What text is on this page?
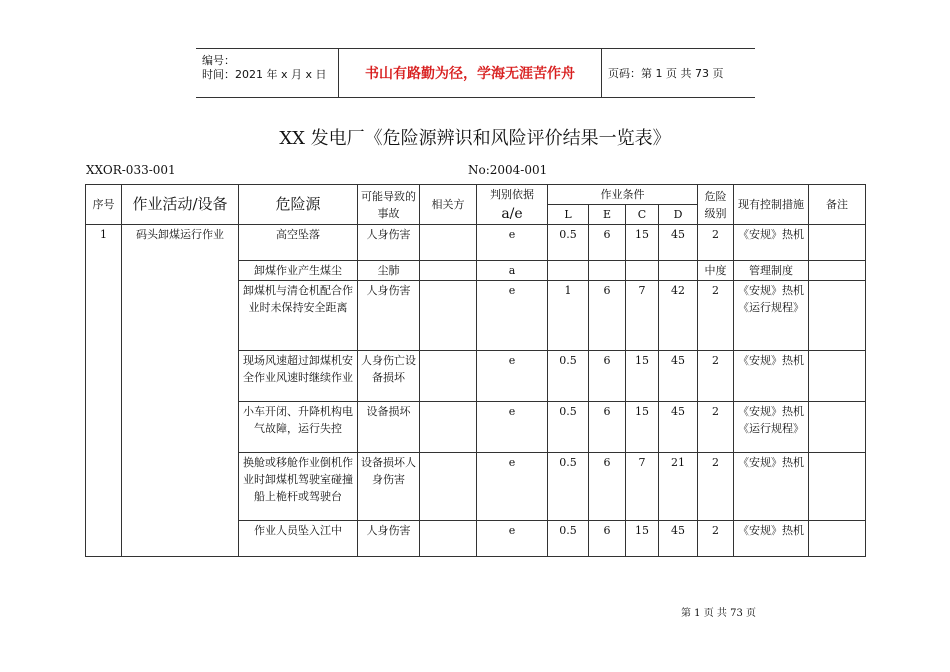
编号：
时间：2021 年 x 月 x 日	书山有路勤为径，学海无涯苦作舟	页码：第 1 页 共 73 页
XX 发电厂《危险源辨识和风险评价结果一览表》
XXOR-033-001	No:2004-001
序号	作业活动/设备	危险源	可能导致的事故	相关方	判别依据	作业条件				危险级别	现有控制措施	备注
					a/e	L	E	C	D			
1	码头卸煤运行作业	高空坠落	人身伤害		e	0.5	6	15	45	2	《安规》热机	
		卸煤作业产生煤尘	尘肺		a					中度	管理制度	
		卸煤机与清仓机配合作业时未保持安全距离	人身伤害		e	1	6	7	42	2	《安规》热机《运行规程》	
		现场风速超过卸煤机安全作业风速时继续作业	人身伤亡设备损坏		e	0.5	6	15	45	2	《安规》热机	
		小车开闭、升降机构电气故障，运行失控	设备损坏		e	0.5	6	15	45	2	《安规》热机《运行规程》	
		换舱或移舱作业倒机作业时卸煤机驾驶室碰撞船上桅杆或驾驶台	设备损坏人身伤害		e	0.5	6	7	21	2	《安规》热机	
		作业人员坠入江中	人身伤害		e	0.5	6	15	45	2	《安规》热机	
第 1 页 共 73 页
